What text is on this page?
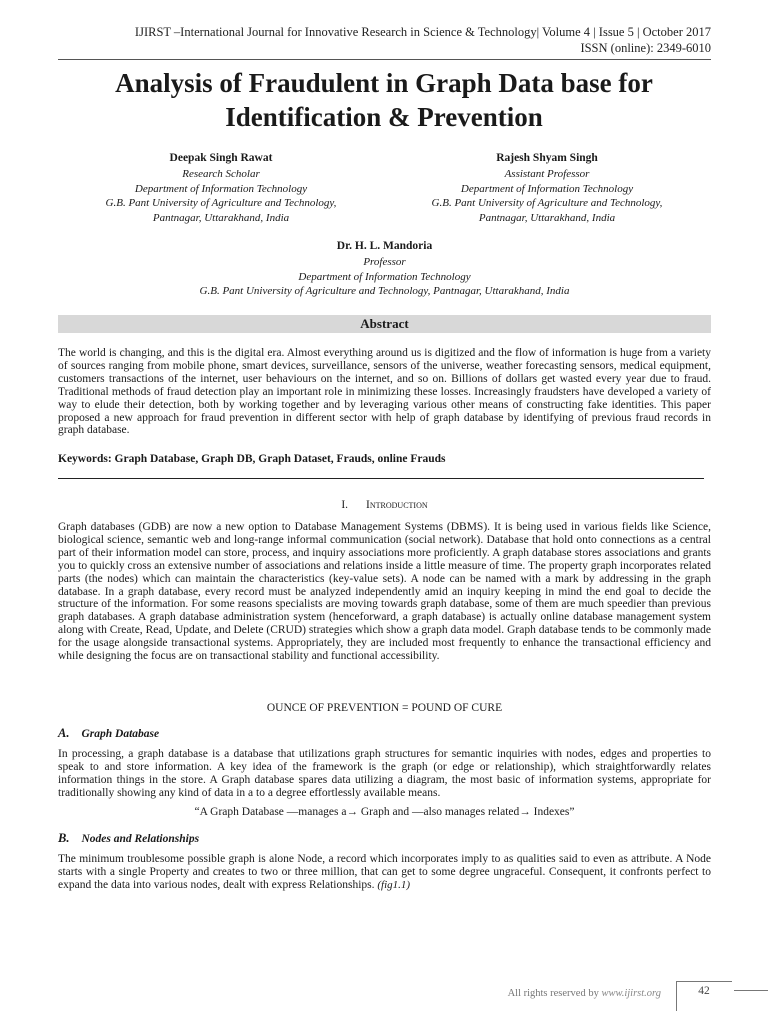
IJIRST –International Journal for Innovative Research in Science & Technology| Volume 4 | Issue 5 | October 2017
ISSN (online): 2349-6010
Analysis of Fraudulent in Graph Data base for
Identification & Prevention
Deepak Singh Rawat
Research Scholar
Department of Information Technology
G.B. Pant University of Agriculture and Technology,
Pantnagar, Uttarakhand, India
Rajesh Shyam Singh
Assistant Professor
Department of Information Technology
G.B. Pant University of Agriculture and Technology,
Pantnagar, Uttarakhand, India
Dr. H. L. Mandoria
Professor
Department of Information Technology
G.B. Pant University of Agriculture and Technology, Pantnagar, Uttarakhand, India
Abstract
The world is changing, and this is the digital era. Almost everything around us is digitized and the flow of information is huge from a variety of sources ranging from mobile phone, smart devices, surveillance, sensors of the universe, weather forecasting sensors, medical equipment, customers transactions of the internet, user behaviours on the internet, and so on. Billions of dollars get wasted every year due to fraud. Traditional methods of fraud detection play an important role in minimizing these losses. Increasingly fraudsters have developed a variety of way to elude their detection, both by working together and by leveraging various other means of constructing fake identities. This paper proposed a new approach for fraud prevention in different sector with help of graph database by identifying of previous fraud records in graph database.
Keywords: Graph Database, Graph DB, Graph Dataset, Frauds, online Frauds
I. Introduction
Graph databases (GDB) are now a new option to Database Management Systems (DBMS). It is being used in various fields like Science, biological science, semantic web and long-range informal communication (social network). Database that hold onto connections as a central part of their information model can store, process, and inquiry associations more proficiently. A graph database stores associations and grants you to quickly cross an extensive number of associations and relations inside a little measure of time. The property graph incorporates related parts (the nodes) which can maintain the characteristics (key-value sets). A node can be named with a mark by addressing in the graph database. In a graph database, every record must be analyzed independently amid an inquiry keeping in mind the end goal to decide the structure of the information. For some reasons specialists are moving towards graph database, some of them are much speedier than previous graph databases. A graph database administration system (henceforward, a graph database) is actually online database management system along with Create, Read, Update, and Delete (CRUD) strategies which show a graph data model. Graph database tends to be commonly made for the usage alongside transactional systems. Appropriately, they are included most frequently to enhance the transactional efficiency and while designing the focus are on transactional stability and functional accessibility.
OUNCE OF PREVENTION = POUND OF CURE
A. Graph Database
In processing, a graph database is a database that utilizations graph structures for semantic inquiries with nodes, edges and properties to speak to and store information. A key idea of the framework is the graph (or edge or relationship), which straightforwardly relates information things in the store. A Graph database spares data utilizing a diagram, the most basic of information systems, appropriate for traditionally showing any kind of data in a to a degree effortlessly available means.
“A Graph Database —manages a→ Graph and —also manages related→ Indexes”
B. Nodes and Relationships
The minimum troublesome possible graph is alone Node, a record which incorporates imply to as qualities said to even as attribute. A Node starts with a single Property and creates to two or three million, that can get to some degree ungraceful. Consequent, it confronts perfect to expand the data into various nodes, dealt with express Relationships. (fig1.1)
All rights reserved by www.ijirst.org	42
